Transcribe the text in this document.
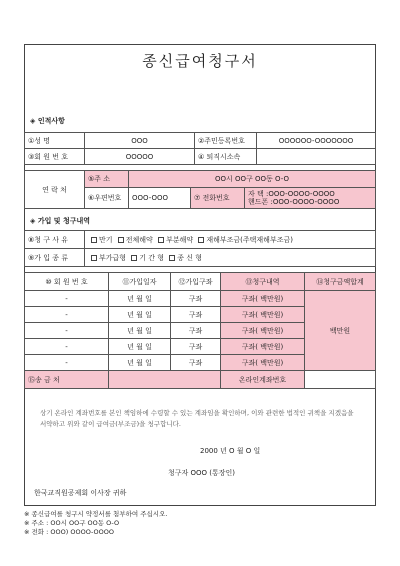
종신급여청구서
◈ 인적사항
①성 명	OOO	②주민등록번호	OOOOOO-OOOOOOO
③회 원 번 호	OOOOO	④ 퇴직시소속	
연 락 처	⑤주 소	OO시 OO구 OO동 O-O		
	⑥우편번호	OOO-OOO	⑦ 전화번호	자 택 :OOO-OOOO-OOOO
핸드폰 :OOO-OOOO-OOOO
◈ 가입 및 청구내역
⑧청 구 사 유	만기 전체해약 부분해약 재해부조금(주택재해부조금)
⑨가 입 종 류	부가급형 기 간 형 종 신 형
⑩ 회 원 번 호	⑪가입일자	⑫가입구좌	⑬청구내역	⑭청구금액합계
-	년 월 일	구좌	구좌( 백만원)	백만원
-	년 월 일	구좌	구좌( 백만원)	
-	년 월 일	구좌	구좌( 백만원)	
-	년 월 일	구좌	구좌( 백만원)	
-	년 월 일	구좌	구좌( 백만원)	
⑮송 금 처			온라인계좌번호	
상기 온라인 계좌번호를 본인 책임하에 수령할 수 있는 계좌임을 확인하며, 이와 관련한 법적인 귀책을 지겠음을 서약하고 위와 같이 급여금(부조금)을 청구합니다.
2000 년 O 월 O 일
청구자 OOO (통장인)
한국교직원공제회 이사장 귀하
※ 종신급여를 청구시 약정서를 첨부하여 주십시오.
※ 주소 : OO시 OO구 OO동 O-O
※ 전화 : OOO) OOOO-OOOO
